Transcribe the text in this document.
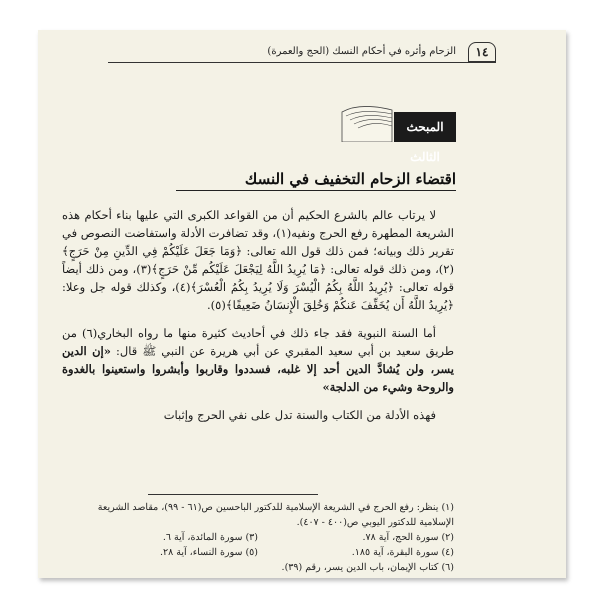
١٤
الزحام وأثره في أحكام النسك (الحج والعمرة)
المبحث الثالث
اقتضاء الزحام التخفيف في النسك

لا يرتاب عالم بالشرع الحكيم أن من القواعد الكبرى التي عليها بناء أحكام هذه الشريعة المطهرة رفع الحرج ونفيه(١)، وقد تضافرت الأدلة واستفاضت النصوص في تقرير ذلك وبيانه؛ فمن ذلك قول الله تعالى: ﴿وَمَا جَعَلَ عَلَيْكُمْ فِي الدِّينِ مِنْ حَرَجٍ﴾(٢)، ومن ذلك قوله تعالى: ﴿مَا يُرِيدُ اللَّهُ لِيَجْعَلَ عَلَيْكُم مِّنْ حَرَجٍ﴾(٣)، ومن ذلك أيضاً قوله تعالى: ﴿يُرِيدُ اللَّهُ بِكُمُ الْيُسْرَ وَلَا يُرِيدُ بِكُمُ الْعُسْرَ﴾(٤)، وكذلك قوله جل وعلا: ﴿يُرِيدُ اللَّهُ أَن يُخَفِّفَ عَنكُمْ وَخُلِقَ الْإِنسَانُ ضَعِيفًا﴾(٥).

أما السنة النبوية فقد جاء ذلك في أحاديث كثيرة منها ما رواه البخاري(٦) من طريق سعيد بن أبي سعيد المقبري عن أبي هريرة عن النبي ﷺ قال: «إن الدين يسر، ولن يُشادَّ الدين أحد إلا غلبه، فسددوا وقاربوا وأبشروا واستعينوا بالغدوة والروحة وشيء من الدلجة»

فهذه الأدلة من الكتاب والسنة تدل على نفي الحرج وإثبات

(١) ينظر: رفع الحرج في الشريعة الإسلامية للدكتور الباحسين ص(٦١ - ٩٩)، مقاصد الشريعة الإسلامية للدكتور اليوبي ص(٤٠٠ - ٤٠٧).
(٢) سورة الحج، آية ٧٨.
(٣) سورة المائدة، آية ٦.
(٤) سورة البقرة، آية ١٨٥.
(٥) سورة النساء، آية ٢٨.
(٦) كتاب الإيمان، باب الدين يسر، رقم (٣٩).
